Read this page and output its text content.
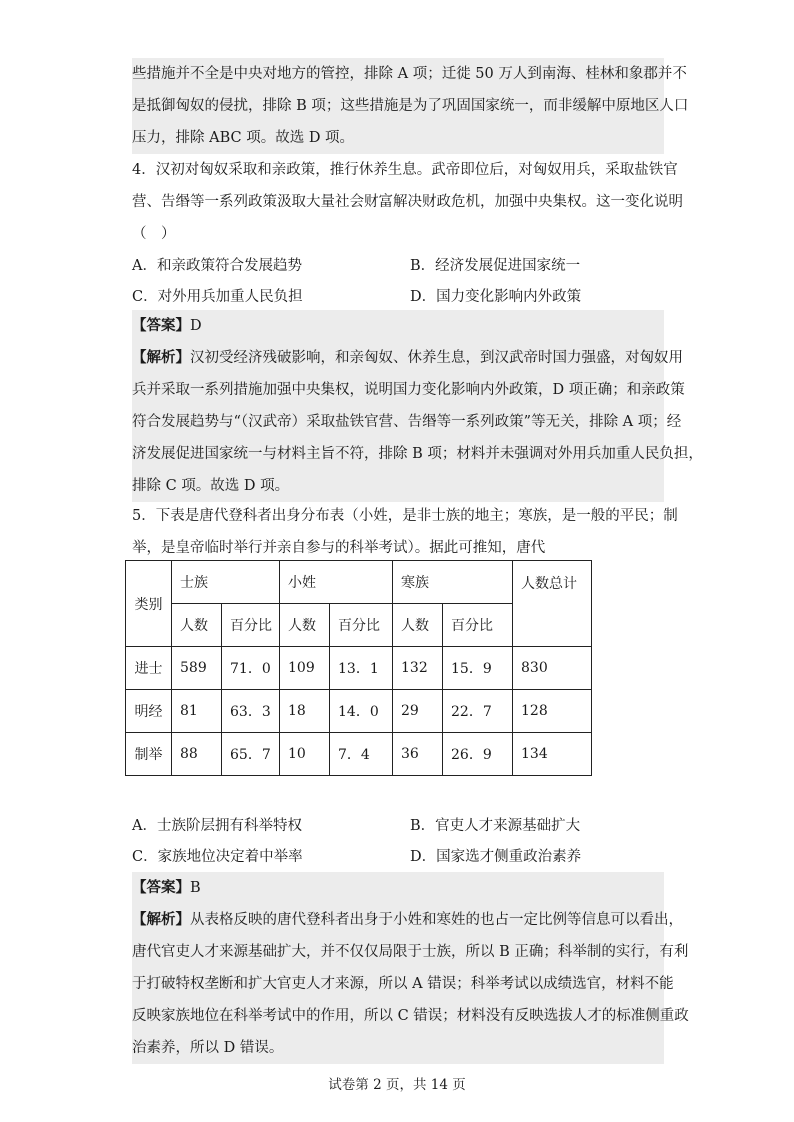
些措施并不全是中央对地方的管控，排除 A 项；迁徙 50 万人到南海、桂林和象郡并不
是抵御匈奴的侵扰，排除 B 项；这些措施是为了巩固国家统一，而非缓解中原地区人口
压力，排除 ABC 项。故选 D 项。
4．汉初对匈奴采取和亲政策，推行休养生息。武帝即位后，对匈奴用兵，采取盐铁官
营、告缗等一系列政策汲取大量社会财富解决财政危机，加强中央集权。这一变化说明
（　）
A．和亲政策符合发展趋势	B．经济发展促进国家统一
C．对外用兵加重人民负担	D．国力变化影响内外政策
【答案】D
【解析】汉初受经济残破影响，和亲匈奴、休养生息，到汉武帝时国力强盛，对匈奴用
兵并采取一系列措施加强中央集权，说明国力变化影响内外政策，D 项正确；和亲政策
符合发展趋势与“（汉武帝）采取盐铁官营、告缗等一系列政策”等无关，排除 A 项；经
济发展促进国家统一与材料主旨不符，排除 B 项；材料并未强调对外用兵加重人民负担，
排除 C 项。故选 D 项。
5．下表是唐代登科者出身分布表（小姓，是非士族的地主；寒族，是一般的平民；制
举，是皇帝临时举行并亲自参与的科举考试）。据此可推知，唐代
类别	士族		小姓		寒族		人数总计
	人数	百分比	人数	百分比	人数	百分比	
进士	589	71．0	109	13．1	132	15．9	830
明经	81	63．3	18	14．0	29	22．7	128
制举	88	65．7	10	7．4	36	26．9	134
A．士族阶层拥有科举特权	B．官吏人才来源基础扩大
C．家族地位决定着中举率	D．国家选才侧重政治素养
【答案】B
【解析】从表格反映的唐代登科者出身于小姓和寒姓的也占一定比例等信息可以看出，
唐代官吏人才来源基础扩大，并不仅仅局限于士族，所以 B 正确；科举制的实行，有利
于打破特权垄断和扩大官吏人才来源，所以 A 错误；科举考试以成绩选官，材料不能
反映家族地位在科举考试中的作用，所以 C 错误；材料没有反映选拔人才的标准侧重政
治素养，所以 D 错误。
试卷第 2 页，共 14 页
